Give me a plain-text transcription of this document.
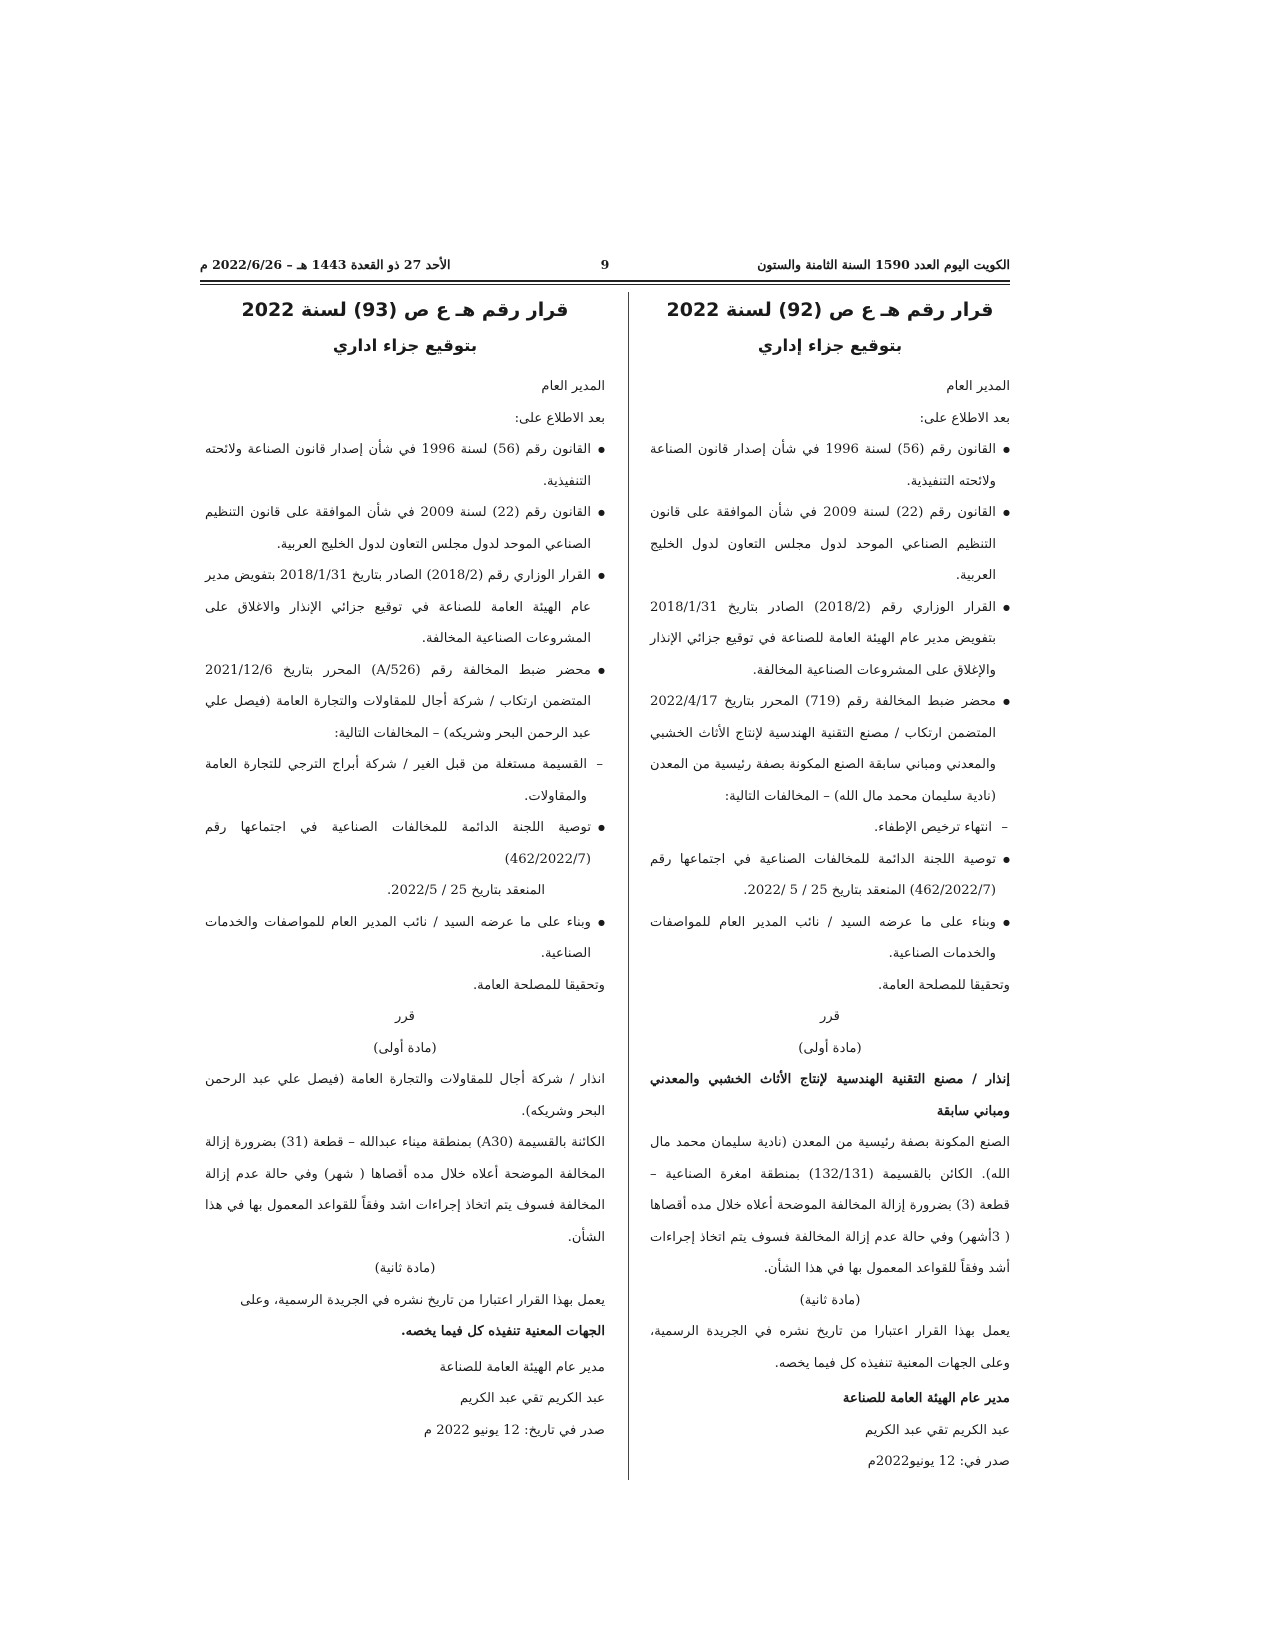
الكويت اليوم العدد 1590 السنة الثامنة والستون
9
الأحد 27 ذو القعدة 1443 هـ – 2022/6/26 م

قرار رقم هـ ع ص (92) لسنة 2022

بتوقيع جزاء إداري

المدير العام

بعد الاطلاع على:

● القانون رقم (56) لسنة 1996 في شأن إصدار قانون الصناعة ولائحته التنفيذية.

● القانون رقم (22) لسنة 2009 في شأن الموافقة على قانون التنظيم الصناعي الموحد لدول مجلس التعاون لدول الخليج العربية.

● القرار الوزاري رقم (2018/2) الصادر بتاريخ 2018/1/31 بتفويض مدير عام الهيئة العامة للصناعة في توقيع جزائي الإنذار والإغلاق على المشروعات الصناعية المخالفة.

● محضر ضبط المخالفة رقم (719) المحرر بتاريخ 2022/4/17 المتضمن ارتكاب / مصنع التقنية الهندسية لإنتاج الأثاث الخشبي والمعدني ومباني سابقة الصنع المكونة بصفة رئيسية من المعدن (نادية سليمان محمد مال الله) – المخالفات التالية:

– انتهاء ترخيص الإطفاء.

● توصية اللجنة الدائمة للمخالفات الصناعية في اجتماعها رقم (462/2022/7) المنعقد بتاريخ 25 / 5 /2022.

● وبناء على ما عرضه السيد / نائب المدير العام للمواصفات والخدمات الصناعية.

وتحقيقا للمصلحة العامة.

قرر

(مادة أولى)

إنذار / مصنع التقنية الهندسية لإنتاج الأثاث الخشبي والمعدني ومباني سابقة

الصنع المكونة بصفة رئيسية من المعدن (نادية سليمان محمد مال الله). الكائن بالقسيمة (132/131) بمنطقة امغرة الصناعية – قطعة (3) بضرورة إزالة المخالفة الموضحة أعلاه خلال مده أقصاها ( 3أشهر) وفي حالة عدم إزالة المخالفة فسوف يتم اتخاذ إجراءات أشد وفقاً للقواعد المعمول بها في هذا الشأن.

(مادة ثانية)

يعمل بهذا القرار اعتبارا من تاريخ نشره في الجريدة الرسمية، وعلى الجهات المعنية تنفيذه كل فيما يخصه.

مدير عام الهيئة العامة للصناعة

عبد الكريم تقي عبد الكريم

صدر في: 12 يونيو2022م

قرار رقم هـ ع ص (93) لسنة 2022

بتوقيع جزاء اداري

المدير العام

بعد الاطلاع على:

● القانون رقم (56) لسنة 1996 في شأن إصدار قانون الصناعة ولائحته التنفيذية.

● القانون رقم (22) لسنة 2009 في شأن الموافقة على قانون التنظيم الصناعي الموحد لدول مجلس التعاون لدول الخليج العربية.

● القرار الوزاري رقم (2018/2) الصادر بتاريخ 2018/1/31 بتفويض مدير عام الهيئة العامة للصناعة في توقيع جزائي الإنذار والاغلاق على المشروعات الصناعية المخالفة.

● محضر ضبط المخالفة رقم (A/526) المحرر بتاريخ 2021/12/6 المتضمن ارتكاب / شركة أجال للمقاولات والتجارة العامة (فيصل علي عبد الرحمن البحر وشريكه) – المخالفات التالية:

– القسيمة مستغلة من قبل الغير / شركة أبراج الترجي للتجارة العامة والمقاولات.

● توصية اللجنة الدائمة للمخالفات الصناعية في اجتماعها رقم (462/2022/7)

المنعقد بتاريخ 25 / 2022/5.

● وبناء على ما عرضه السيد / نائب المدير العام للمواصفات والخدمات الصناعية.

وتحقيقا للمصلحة العامة.

قرر

(مادة أولى)

انذار / شركة أجال للمقاولات والتجارة العامة (فيصل علي عبد الرحمن البحر وشريكه).

الكائنة بالقسيمة (A30) بمنطقة ميناء عبدالله – قطعة (31) بضرورة إزالة المخالفة الموضحة أعلاه خلال مده أقصاها ( شهر) وفي حالة عدم إزالة المخالفة فسوف يتم اتخاذ إجراءات اشد وفقاً للقواعد المعمول بها في هذا الشأن.

(مادة ثانية)

يعمل بهذا القرار اعتبارا من تاريخ نشره في الجريدة الرسمية، وعلى

الجهات المعنية تنفيذه كل فيما يخصه.

مدير عام الهيئة العامة للصناعة

عبد الكريم تقي عبد الكريم

صدر في تاريخ: 12 يونيو 2022 م
